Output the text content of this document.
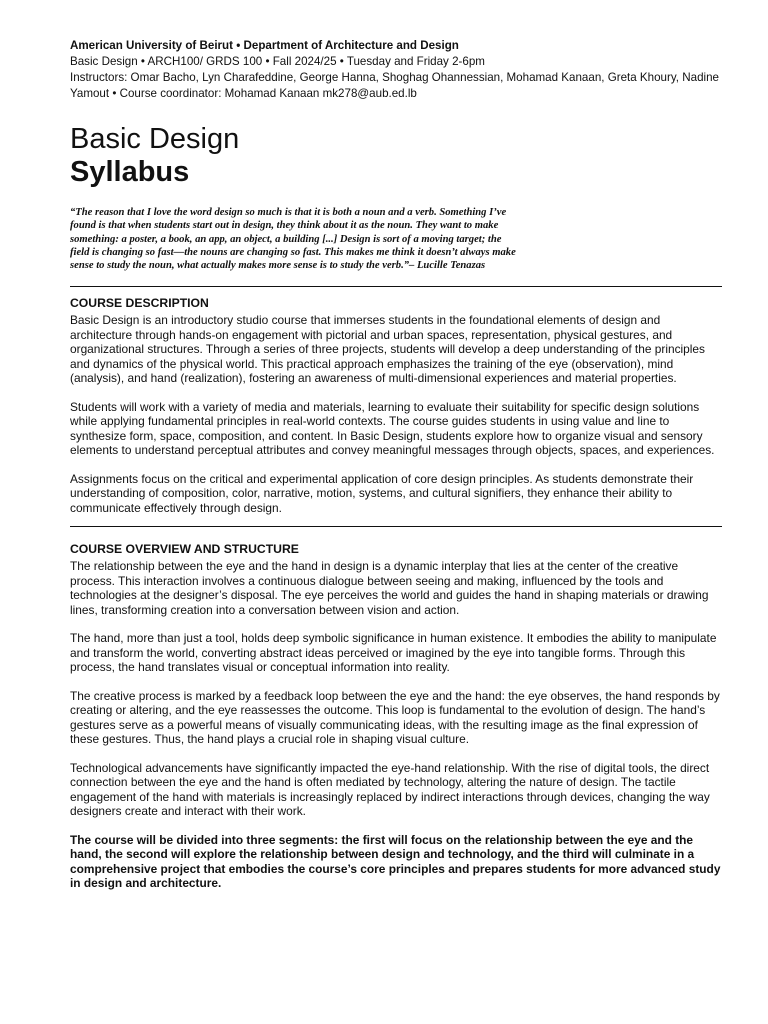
American University of Beirut • Department of Architecture and Design

Basic Design • ARCH100/ GRDS 100 • Fall 2024/25 • Tuesday and Friday 2-6pm

Instructors: Omar Bacho, Lyn Charafeddine, George Hanna, Shoghag Ohannessian, Mohamad Kanaan, Greta Khoury, Nadine Yamout • Course coordinator: Mohamad Kanaan mk278@aub.ed.lb

Basic Design
Syllabus

“The reason that I love the word design so much is that it is both a noun and a verb. Something I’ve found is that when students start out in design, they think about it as the noun. They want to make something: a poster, a book, an app, an object, a building [...] Design is sort of a moving target; the field is changing so fast—the nouns are changing so fast. This makes me think it doesn’t always make sense to study the noun, what actually makes more sense is to study the verb.”– Lucille Tenazas

COURSE DESCRIPTION

Basic Design is an introductory studio course that immerses students in the foundational elements of design and architecture through hands-on engagement with pictorial and urban spaces, representation, physical gestures, and organizational structures. Through a series of three projects, students will develop a deep understanding of the principles and dynamics of the physical world. This practical approach emphasizes the training of the eye (observation), mind (analysis), and hand (realization), fostering an awareness of multi-dimensional experiences and material properties.

Students will work with a variety of media and materials, learning to evaluate their suitability for specific design solutions while applying fundamental principles in real-world contexts. The course guides students in using value and line to synthesize form, space, composition, and content. In Basic Design, students explore how to organize visual and sensory elements to understand perceptual attributes and convey meaningful messages through objects, spaces, and experiences.

Assignments focus on the critical and experimental application of core design principles. As students demonstrate their understanding of composition, color, narrative, motion, systems, and cultural signifiers, they enhance their ability to communicate effectively through design.

COURSE OVERVIEW AND STRUCTURE

The relationship between the eye and the hand in design is a dynamic interplay that lies at the center of the creative process. This interaction involves a continuous dialogue between seeing and making, influenced by the tools and technologies at the designer’s disposal. The eye perceives the world and guides the hand in shaping materials or drawing lines, transforming creation into a conversation between vision and action.

The hand, more than just a tool, holds deep symbolic significance in human existence. It embodies the ability to manipulate and transform the world, converting abstract ideas perceived or imagined by the eye into tangible forms. Through this process, the hand translates visual or conceptual information into reality.

The creative process is marked by a feedback loop between the eye and the hand: the eye observes, the hand responds by creating or altering, and the eye reassesses the outcome. This loop is fundamental to the evolution of design. The hand’s gestures serve as a powerful means of visually communicating ideas, with the resulting image as the final expression of these gestures. Thus, the hand plays a crucial role in shaping visual culture.

Technological advancements have significantly impacted the eye-hand relationship. With the rise of digital tools, the direct connection between the eye and the hand is often mediated by technology, altering the nature of design. The tactile engagement of the hand with materials is increasingly replaced by indirect interactions through devices, changing the way designers create and interact with their work.

The course will be divided into three segments: the first will focus on the relationship between the eye and the hand, the second will explore the relationship between design and technology, and the third will culminate in a comprehensive project that embodies the course’s core principles and prepares students for more advanced study in design and architecture.
